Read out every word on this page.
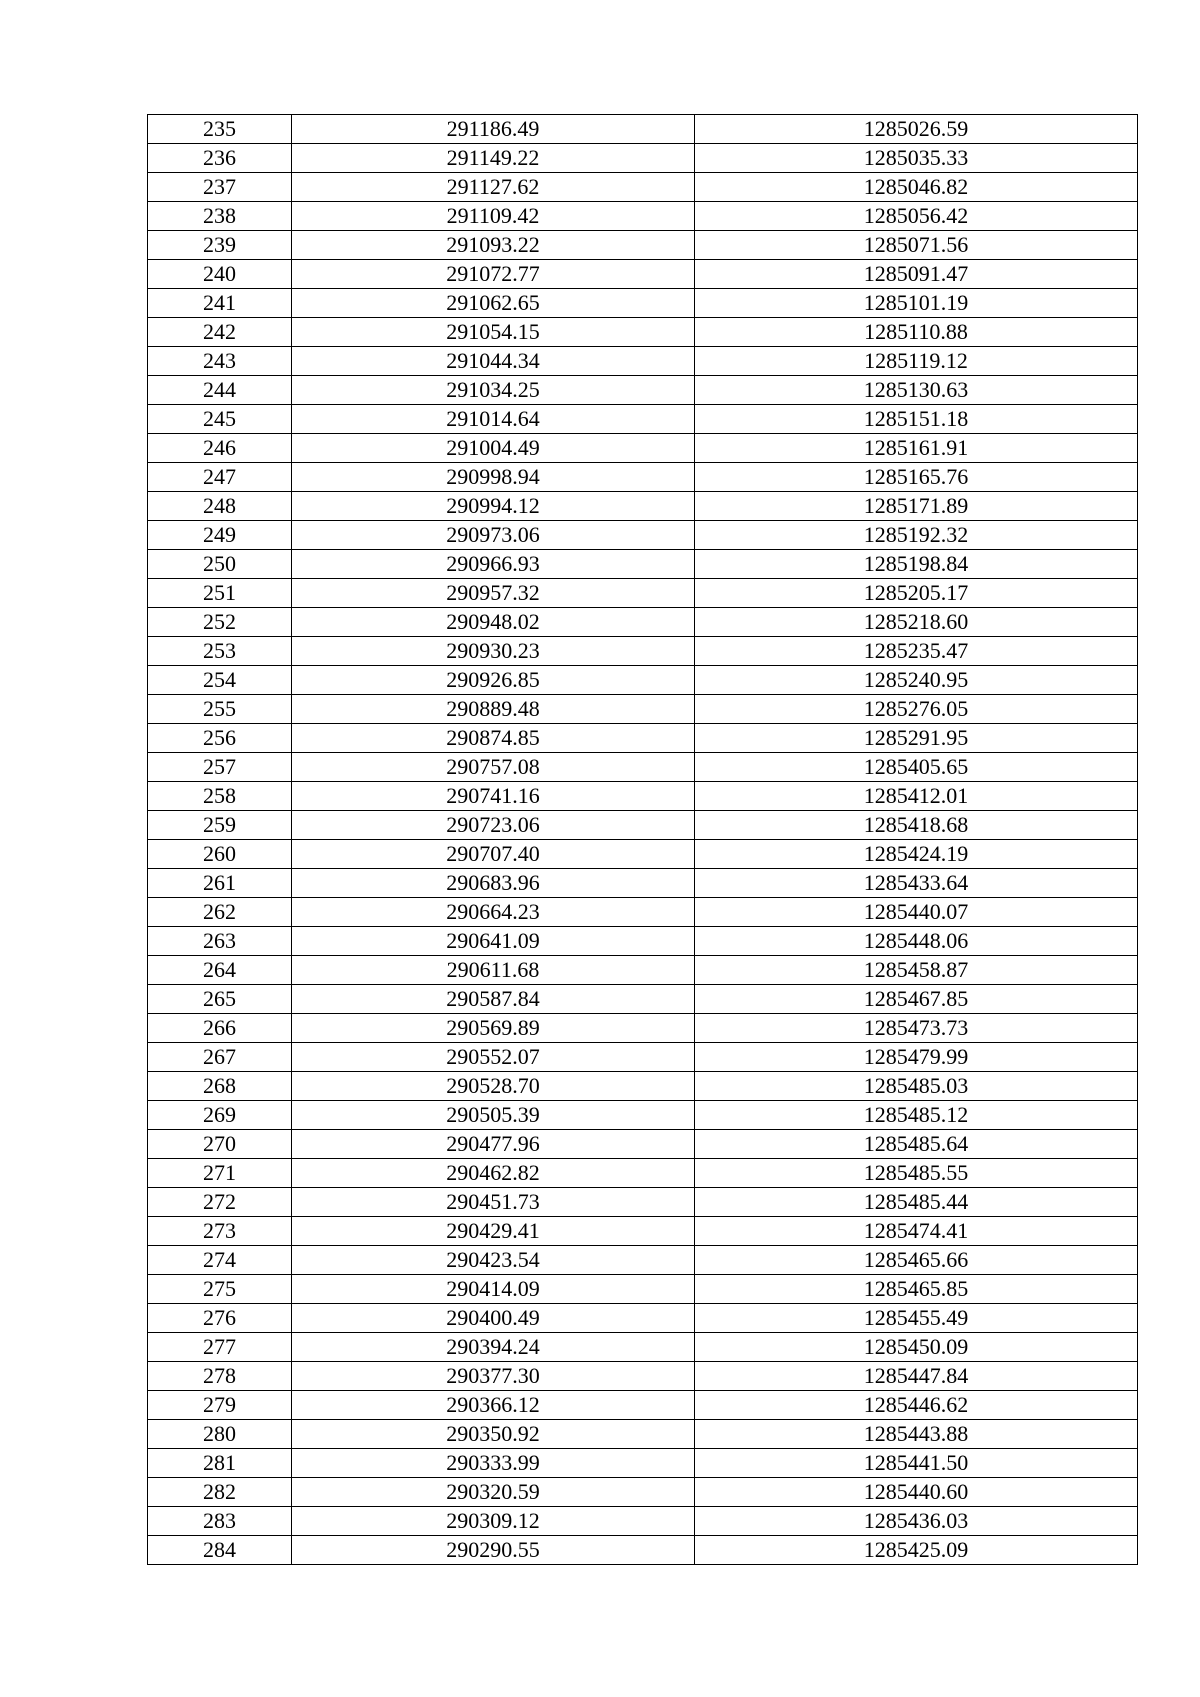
235	291186.49	1285026.59
236	291149.22	1285035.33
237	291127.62	1285046.82
238	291109.42	1285056.42
239	291093.22	1285071.56
240	291072.77	1285091.47
241	291062.65	1285101.19
242	291054.15	1285110.88
243	291044.34	1285119.12
244	291034.25	1285130.63
245	291014.64	1285151.18
246	291004.49	1285161.91
247	290998.94	1285165.76
248	290994.12	1285171.89
249	290973.06	1285192.32
250	290966.93	1285198.84
251	290957.32	1285205.17
252	290948.02	1285218.60
253	290930.23	1285235.47
254	290926.85	1285240.95
255	290889.48	1285276.05
256	290874.85	1285291.95
257	290757.08	1285405.65
258	290741.16	1285412.01
259	290723.06	1285418.68
260	290707.40	1285424.19
261	290683.96	1285433.64
262	290664.23	1285440.07
263	290641.09	1285448.06
264	290611.68	1285458.87
265	290587.84	1285467.85
266	290569.89	1285473.73
267	290552.07	1285479.99
268	290528.70	1285485.03
269	290505.39	1285485.12
270	290477.96	1285485.64
271	290462.82	1285485.55
272	290451.73	1285485.44
273	290429.41	1285474.41
274	290423.54	1285465.66
275	290414.09	1285465.85
276	290400.49	1285455.49
277	290394.24	1285450.09
278	290377.30	1285447.84
279	290366.12	1285446.62
280	290350.92	1285443.88
281	290333.99	1285441.50
282	290320.59	1285440.60
283	290309.12	1285436.03
284	290290.55	1285425.09
